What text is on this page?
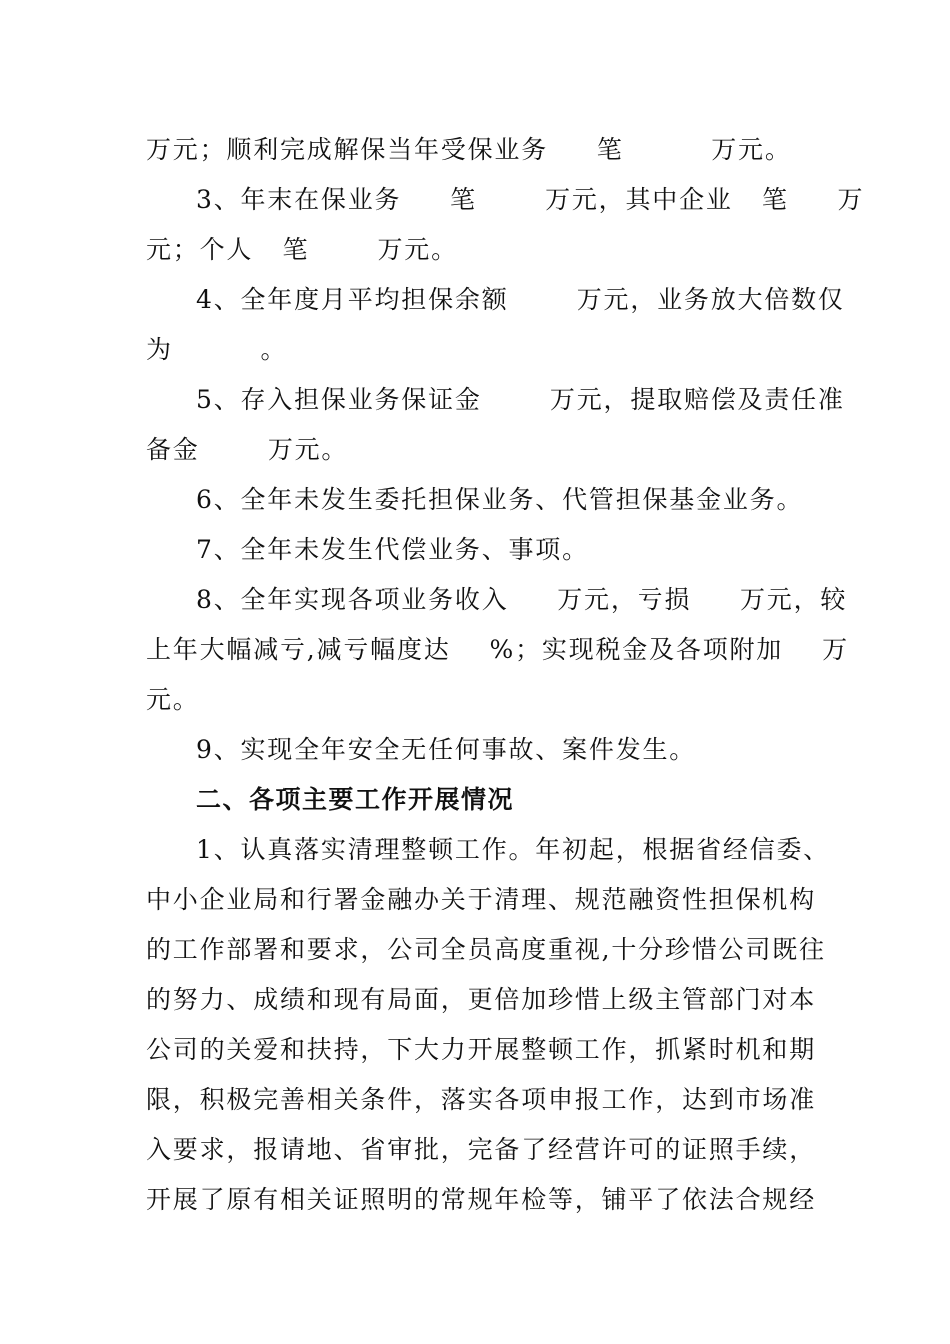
万元；顺利完成解保当年受保业务     笔         万元。
3、年末在保业务     笔       万元，其中企业   笔     万
元；个人   笔       万元。
4、全年度月平均担保余额       万元，业务放大倍数仅
为         。
5、存入担保业务保证金       万元，提取赔偿及责任准
备金       万元。
6、全年未发生委托担保业务、代管担保基金业务。
7、全年未发生代偿业务、事项。
8、全年实现各项业务收入     万元，亏损     万元，较
上年大幅减亏,减亏幅度达    %；实现税金及各项附加    万
元。
9、实现全年安全无任何事故、案件发生。
二、各项主要工作开展情况
1、认真落实清理整顿工作。年初起，根据省经信委、
中小企业局和行署金融办关于清理、规范融资性担保机构
的工作部署和要求，公司全员高度重视,十分珍惜公司既往
的努力、成绩和现有局面，更倍加珍惜上级主管部门对本
公司的关爱和扶持，下大力开展整顿工作，抓紧时机和期
限，积极完善相关条件，落实各项申报工作，达到市场准
入要求，报请地、省审批，完备了经营许可的证照手续，
开展了原有相关证照明的常规年检等，铺平了依法合规经
